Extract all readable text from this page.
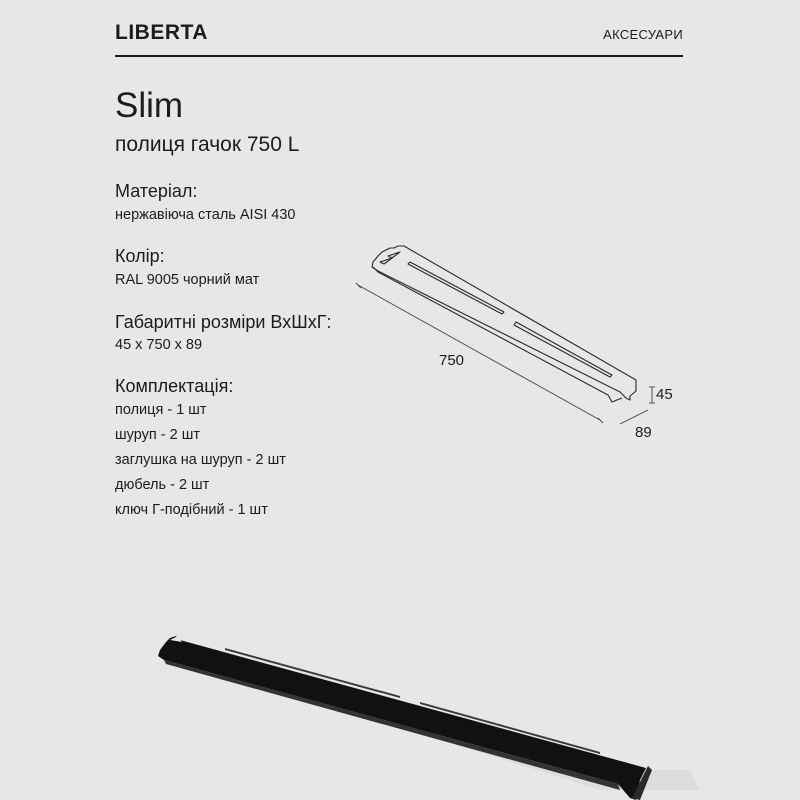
LIBERTA	АКСЕСУАРИ
Slim
полиця гачок 750 L
Матеріал:
нержавіюча сталь AISI 430
Колір:
RAL 9005 чорний мат
Габаритні розміри ВхШхГ:
45 х 750 х 89
Комплектація:
полиця - 1 шт
шуруп - 2 шт
заглушка на шуруп - 2 шт
дюбель - 2 шт
ключ Г-подібний - 1 шт
750
45
89
